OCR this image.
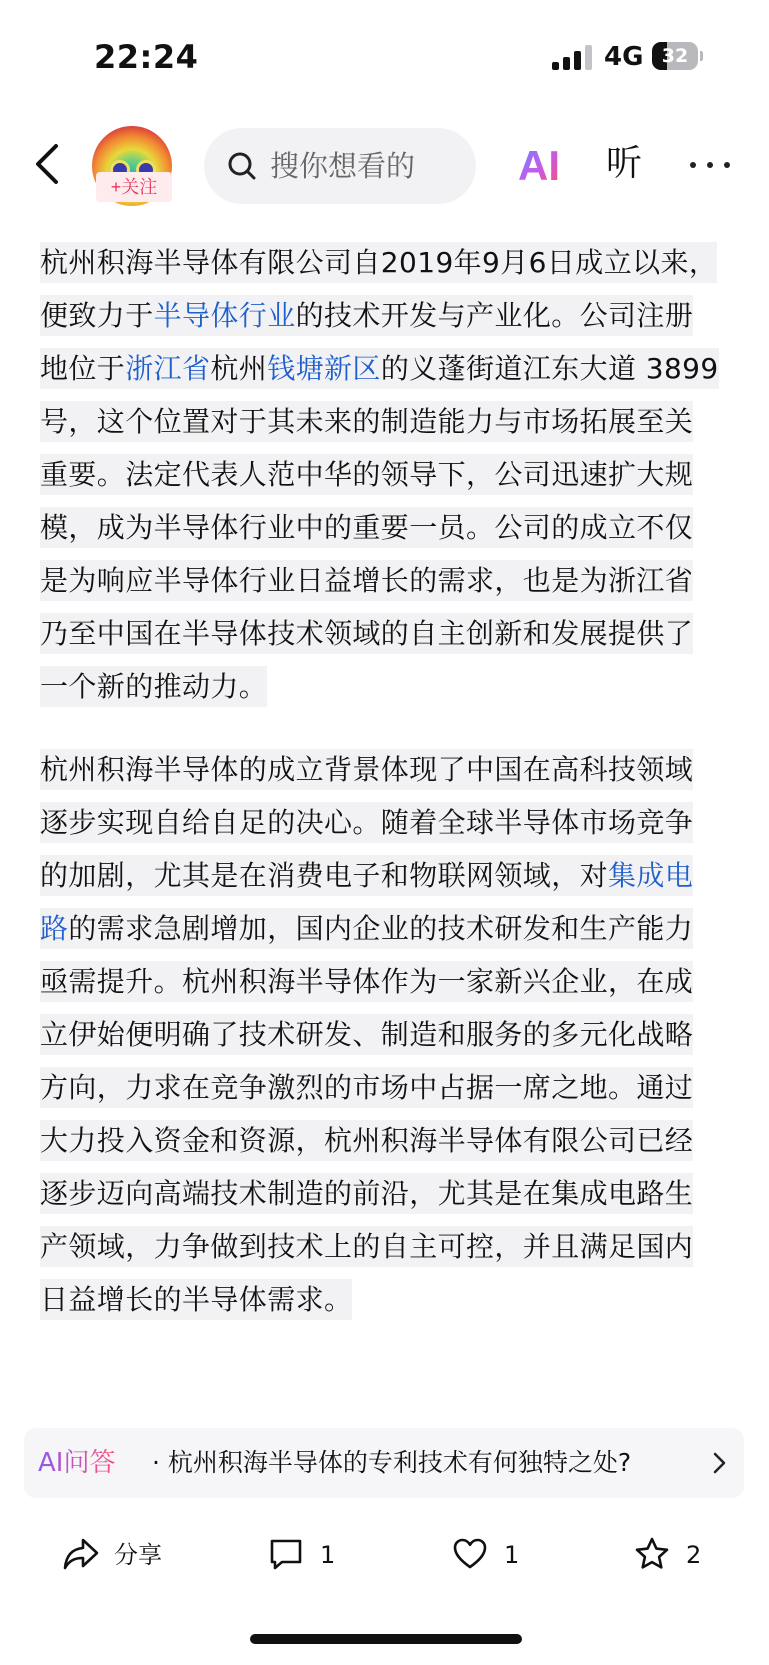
22:24	4G 32
+关注
搜你想看的 AI 听

杭州积海半导体有限公司自2019年9月6日成立以来，便致力于半导体行业的技术开发与产业化。公司注册地位于浙江省杭州钱塘新区的义蓬街道江东大道 3899 号，这个位置对于其未来的制造能力与市场拓展至关重要。法定代表人范中华的领导下，公司迅速扩大规模，成为半导体行业中的重要一员。公司的成立不仅是为响应半导体行业日益增长的需求，也是为浙江省乃至中国在半导体技术领域的自主创新和发展提供了一个新的推动力。

杭州积海半导体的成立背景体现了中国在高科技领域逐步实现自给自足的决心。随着全球半导体市场竞争的加剧，尤其是在消费电子和物联网领域，对集成电路的需求急剧增加，国内企业的技术研发和生产能力亟需提升。杭州积海半导体作为一家新兴企业，在成立伊始便明确了技术研发、制造和服务的多元化战略方向，力求在竞争激烈的市场中占据一席之地。通过大力投入资金和资源，杭州积海半导体有限公司已经逐步迈向高端技术制造的前沿，尤其是在集成电路生产领域，力争做到技术上的自主可控，并且满足国内日益增长的半导体需求。

AI问答 · 杭州积海半导体的专利技术有何独特之处?
分享	1	1	2
